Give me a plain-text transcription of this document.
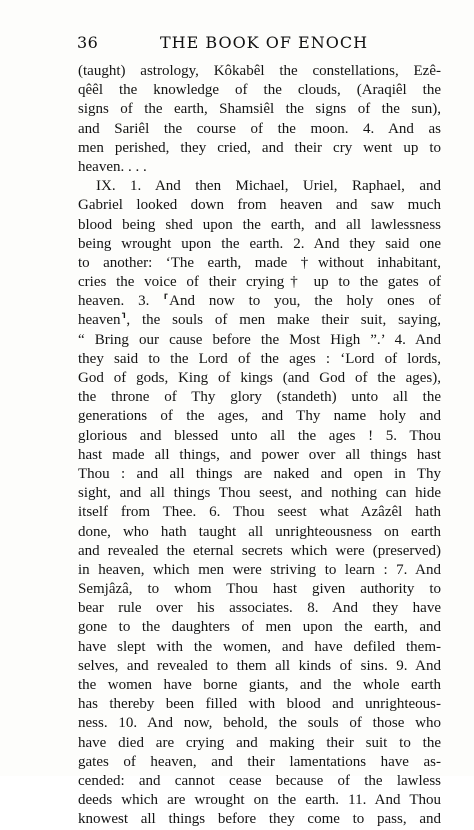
36	THE BOOK OF ENOCH
(taught) astrology, Kôkabêl the constellations, Ezê-
qêêl the knowledge of the clouds, (Araqiêl the
signs of the earth, Shamsiêl the signs of the sun),
and Sariêl the course of the moon. 4. And as
men perished, they cried, and their cry went up to
heaven. . . .
IX. 1. And then Michael, Uriel, Raphael, and
Gabriel looked down from heaven and saw much
blood being shed upon the earth, and all lawlessness
being wrought upon the earth. 2. And they said one
to another: ‘The earth, made †without inhabitant,
cries the voice of their crying† up to the gates of
heaven. 3. ⸢And now to you, the holy ones of
heaven⸣, the souls of men make their suit, saying,
“ Bring our cause before the Most High ”.’ 4. And
they said to the Lord of the ages : ‘Lord of lords,
God of gods, King of kings (and God of the ages),
the throne of Thy glory (standeth) unto all the
generations of the ages, and Thy name holy and
glorious and blessed unto all the ages ! 5. Thou
hast made all things, and power over all things hast
Thou : and all things are naked and open in Thy
sight, and all things Thou seest, and nothing can hide
itself from Thee. 6. Thou seest what Azâzêl hath
done, who hath taught all unrighteousness on earth
and revealed the eternal secrets which were (preserved)
in heaven, which men were striving to learn : 7. And
Semjâzâ, to whom Thou hast given authority to
bear rule over his associates. 8. And they have
gone to the daughters of men upon the earth, and
have slept with the women, and have defiled them-
selves, and revealed to them all kinds of sins. 9. And
the women have borne giants, and the whole earth
has thereby been filled with blood and unrighteous-
ness. 10. And now, behold, the souls of those who
have died are crying and making their suit to the
gates of heaven, and their lamentations have as-
cended: and cannot cease because of the lawless
deeds which are wrought on the earth. 11. And Thou
knowest all things before they come to pass, and
